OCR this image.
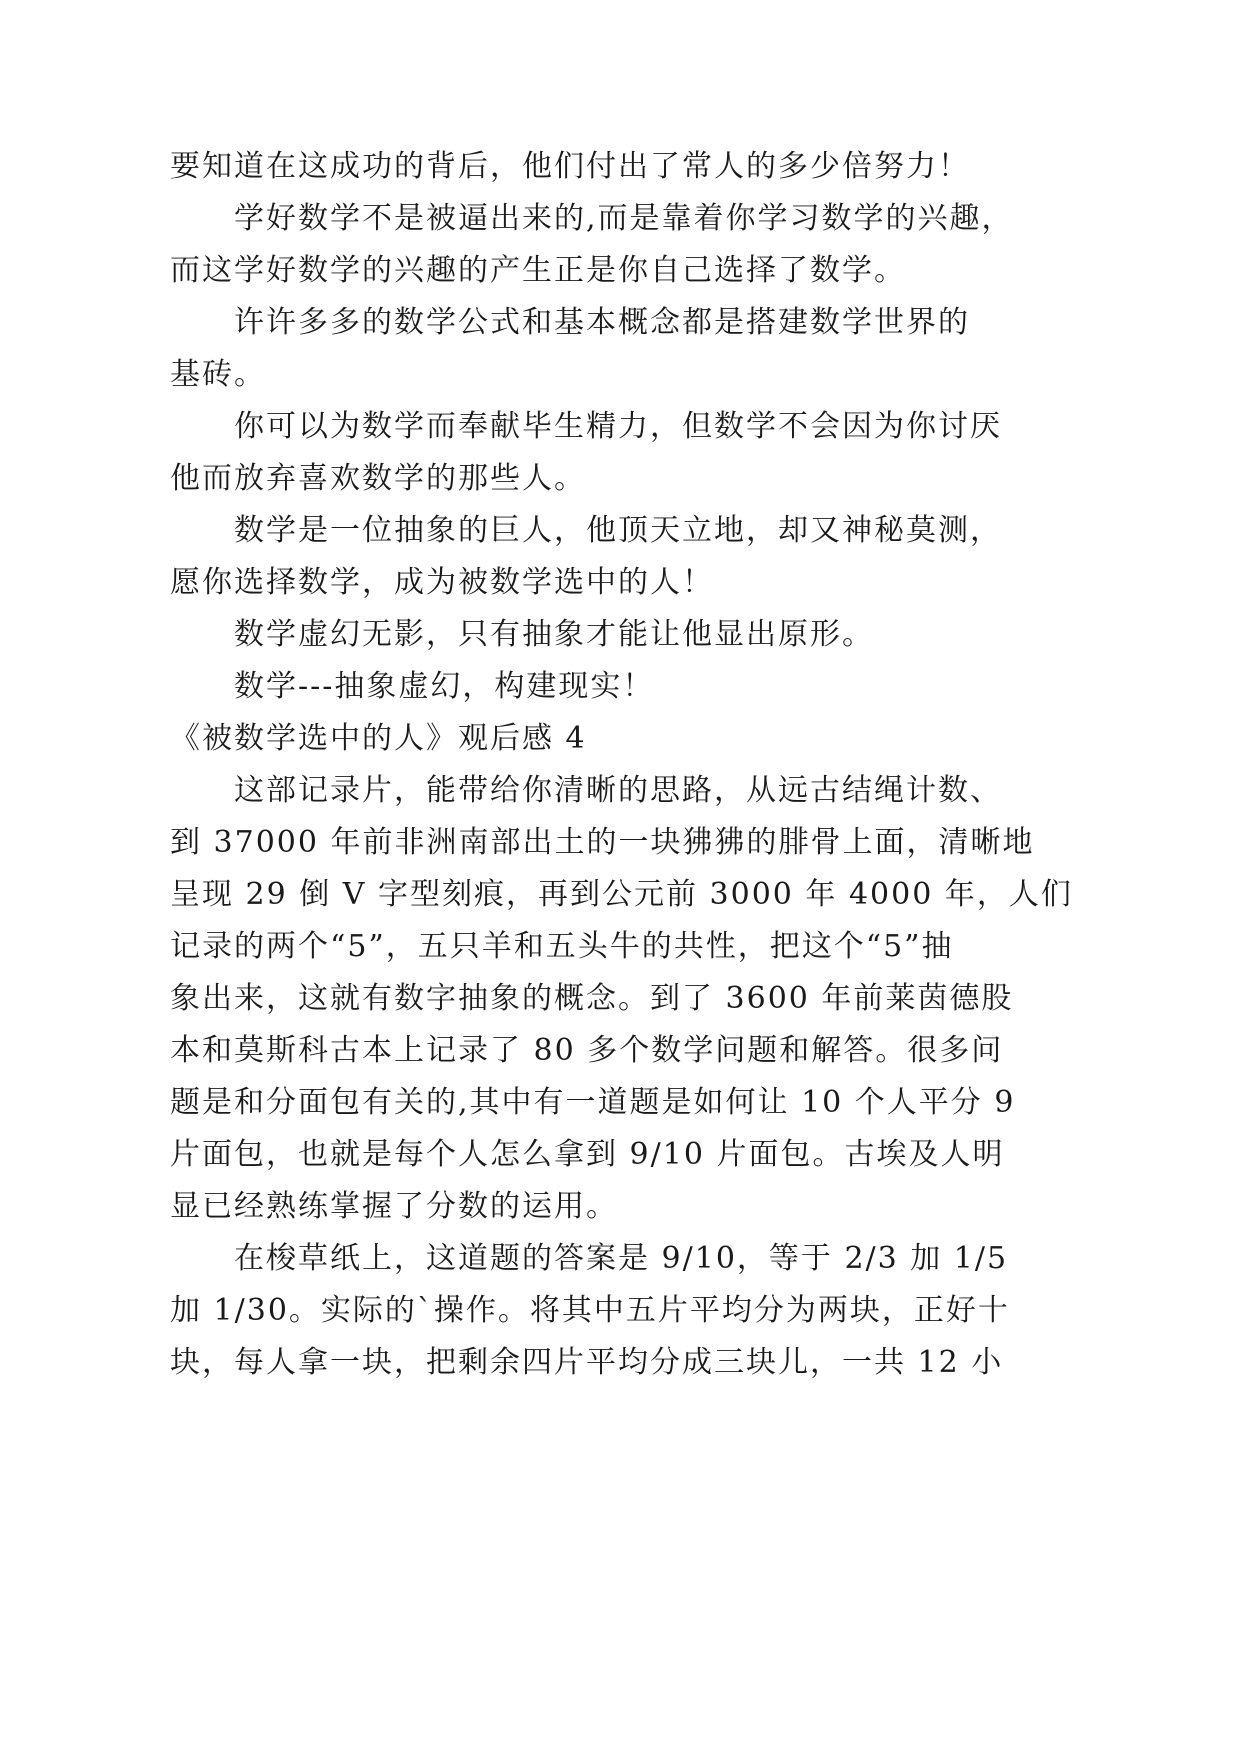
要知道在这成功的背后，他们付出了常人的多少倍努力！
学好数学不是被逼出来的,而是靠着你学习数学的兴趣，
而这学好数学的兴趣的产生正是你自己选择了数学。
许许多多的数学公式和基本概念都是搭建数学世界的
基砖。
你可以为数学而奉献毕生精力，但数学不会因为你讨厌
他而放弃喜欢数学的那些人。
数学是一位抽象的巨人，他顶天立地，却又神秘莫测，
愿你选择数学，成为被数学选中的人！
数学虚幻无影，只有抽象才能让他显出原形。
数学---抽象虚幻，构建现实！
《被数学选中的人》观后感 4
这部记录片，能带给你清晰的思路，从远古结绳计数、
到 37000 年前非洲南部出土的一块狒狒的腓骨上面，清晰地
呈现 29 倒 V 字型刻痕，再到公元前 3000 年 4000 年，人们
记录的两个“5”，五只羊和五头牛的共性，把这个“5”抽
象出来，这就有数字抽象的概念。到了 3600 年前莱茵德股
本和莫斯科古本上记录了 80 多个数学问题和解答。很多问
题是和分面包有关的,其中有一道题是如何让 10 个人平分 9
片面包，也就是每个人怎么拿到 9/10 片面包。古埃及人明
显已经熟练掌握了分数的运用。
在梭草纸上，这道题的答案是 9/10，等于 2/3 加 1/5
加 1/30。实际的`操作。将其中五片平均分为两块，正好十
块，每人拿一块，把剩余四片平均分成三块儿，一共 12 小
